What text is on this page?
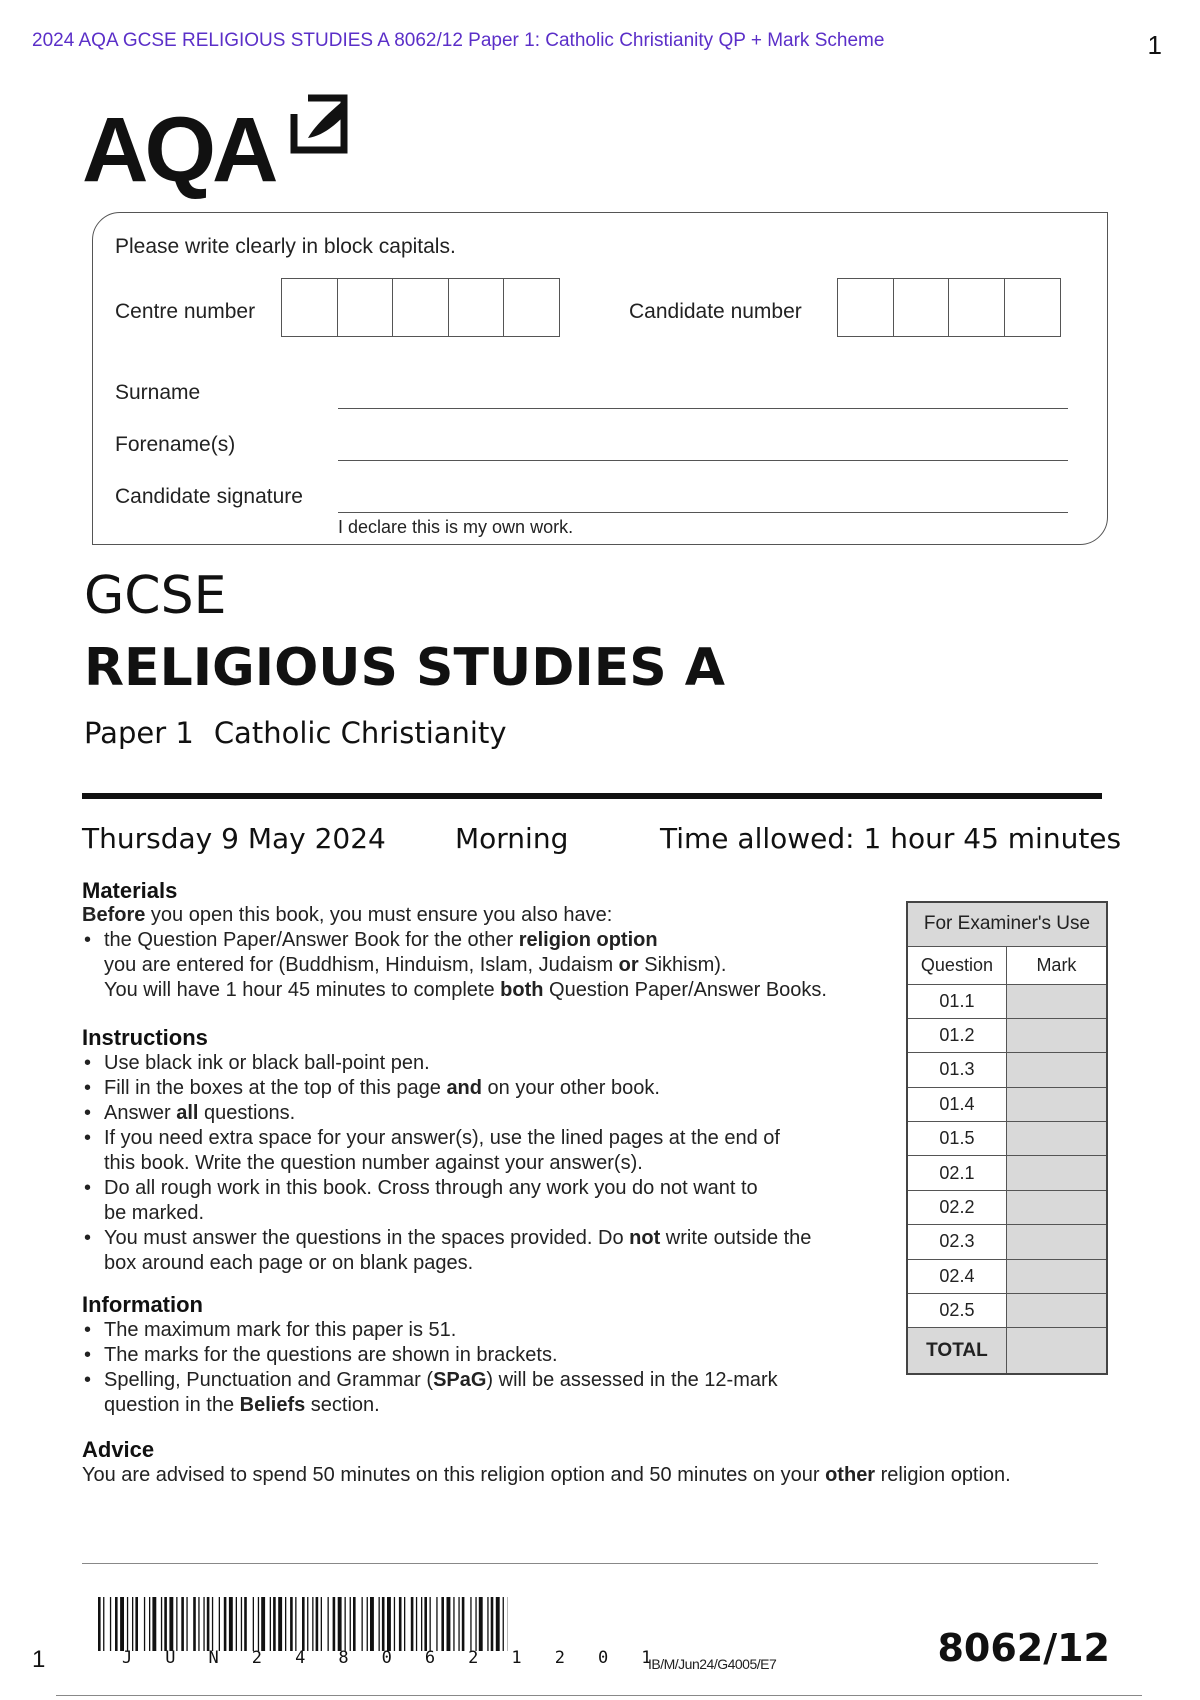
2024 AQA GCSE RELIGIOUS STUDIES A 8062/12 Paper 1: Catholic Christianity QP + Mark Scheme	1
AQA
Please write clearly in block capitals.
Centre number	Candidate number
Surname
Forename(s)
Candidate signature
I declare this is my own work.
GCSE
RELIGIOUS STUDIES A
Paper 1 Catholic Christianity
Thursday 9 May 2024 Morning	Time allowed: 1 hour 45 minutes
Materials
Before you open this book, you must ensure you also have:
• the Question Paper/Answer Book for the other religion option
you are entered for (Buddhism, Hinduism, Islam, Judaism or Sikhism).
You will have 1 hour 45 minutes to complete both Question Paper/Answer Books.
Instructions
• Use black ink or black ball-point pen.
• Fill in the boxes at the top of this page and on your other book.
• Answer all questions.
• If you need extra space for your answer(s), use the lined pages at the end of
this book. Write the question number against your answer(s).
• Do all rough work in this book. Cross through any work you do not want to
be marked.
• You must answer the questions in the spaces provided. Do not write outside the
box around each page or on blank pages.
Information
• The maximum mark for this paper is 51.
• The marks for the questions are shown in brackets.
• Spelling, Punctuation and Grammar (SPaG) will be assessed in the 12-mark
question in the Beliefs section.
Advice
You are advised to spend 50 minutes on this religion option and 50 minutes on your other religion option.
For Examiner's Use	
Question	Mark
01.1	
01.2	
01.3	
01.4	
01.5	
02.1	
02.2	
02.3	
02.4	
02.5	
TOTAL	
J U N 2 4 8 0 6 2 1 2 0 1
1	IB/M/Jun24/G4005/E7	8062/12
